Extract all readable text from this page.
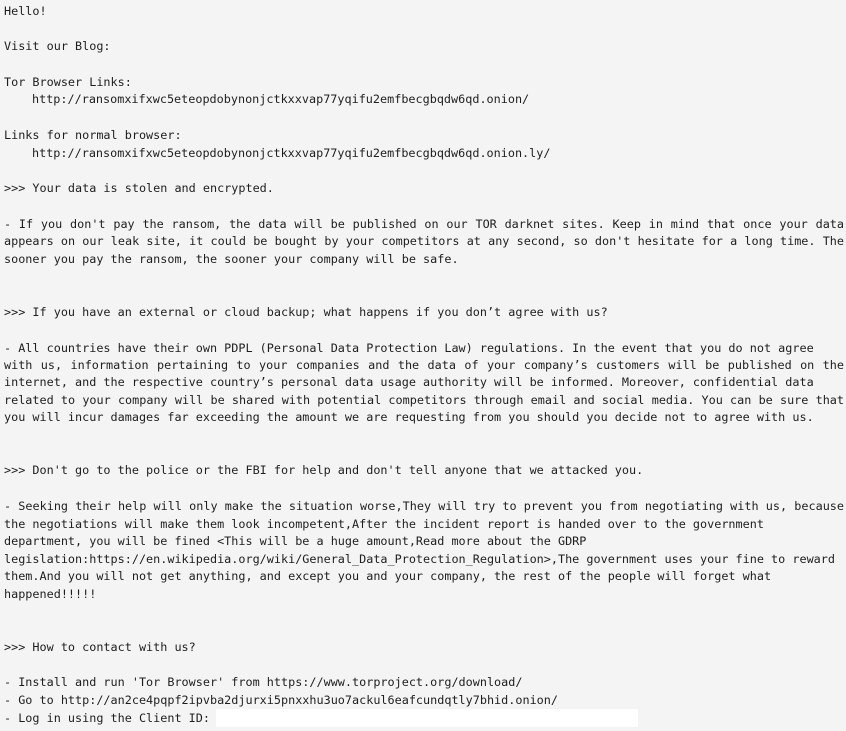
Hello!
Visit our Blog:
Tor Browser Links:
http://ransomxifxwc5eteopdobynonjctkxxvap77yqifu2emfbecgbqdw6qd.onion/
Links for normal browser:
http://ransomxifxwc5eteopdobynonjctkxxvap77yqifu2emfbecgbqdw6qd.onion.ly/
>>> Your data is stolen and encrypted.
- If you don't pay the ransom, the data will be published on our TOR darknet sites. Keep in mind that once your data
appears on our leak site, it could be bought by your competitors at any second, so don't hesitate for a long time. The
sooner you pay the ransom, the sooner your company will be safe.
>>> If you have an external or cloud backup; what happens if you don’t agree with us?
- All countries have their own PDPL (Personal Data Protection Law) regulations. In the event that you do not agree
with us, information pertaining to your companies and the data of your company’s customers will be published on the
internet, and the respective country’s personal data usage authority will be informed. Moreover, confidential data
related to your company will be shared with potential competitors through email and social media. You can be sure that
you will incur damages far exceeding the amount we are requesting from you should you decide not to agree with us.
>>> Don't go to the police or the FBI for help and don't tell anyone that we attacked you.
- Seeking their help will only make the situation worse,They will try to prevent you from negotiating with us, because
the negotiations will make them look incompetent,After the incident report is handed over to the government
department, you will be fined <This will be a huge amount,Read more about the GDRP
legislation:https://en.wikipedia.org/wiki/General_Data_Protection_Regulation>,The government uses your fine to reward
them.And you will not get anything, and except you and your company, the rest of the people will forget what
happened!!!!!
>>> How to contact with us?
- Install and run 'Tor Browser' from https://www.torproject.org/download/
- Go to http://an2ce4pqpf2ipvba2djurxi5pnxxhu3uo7ackul6eafcundqtly7bhid.onion/
- Log in using the Client ID:
